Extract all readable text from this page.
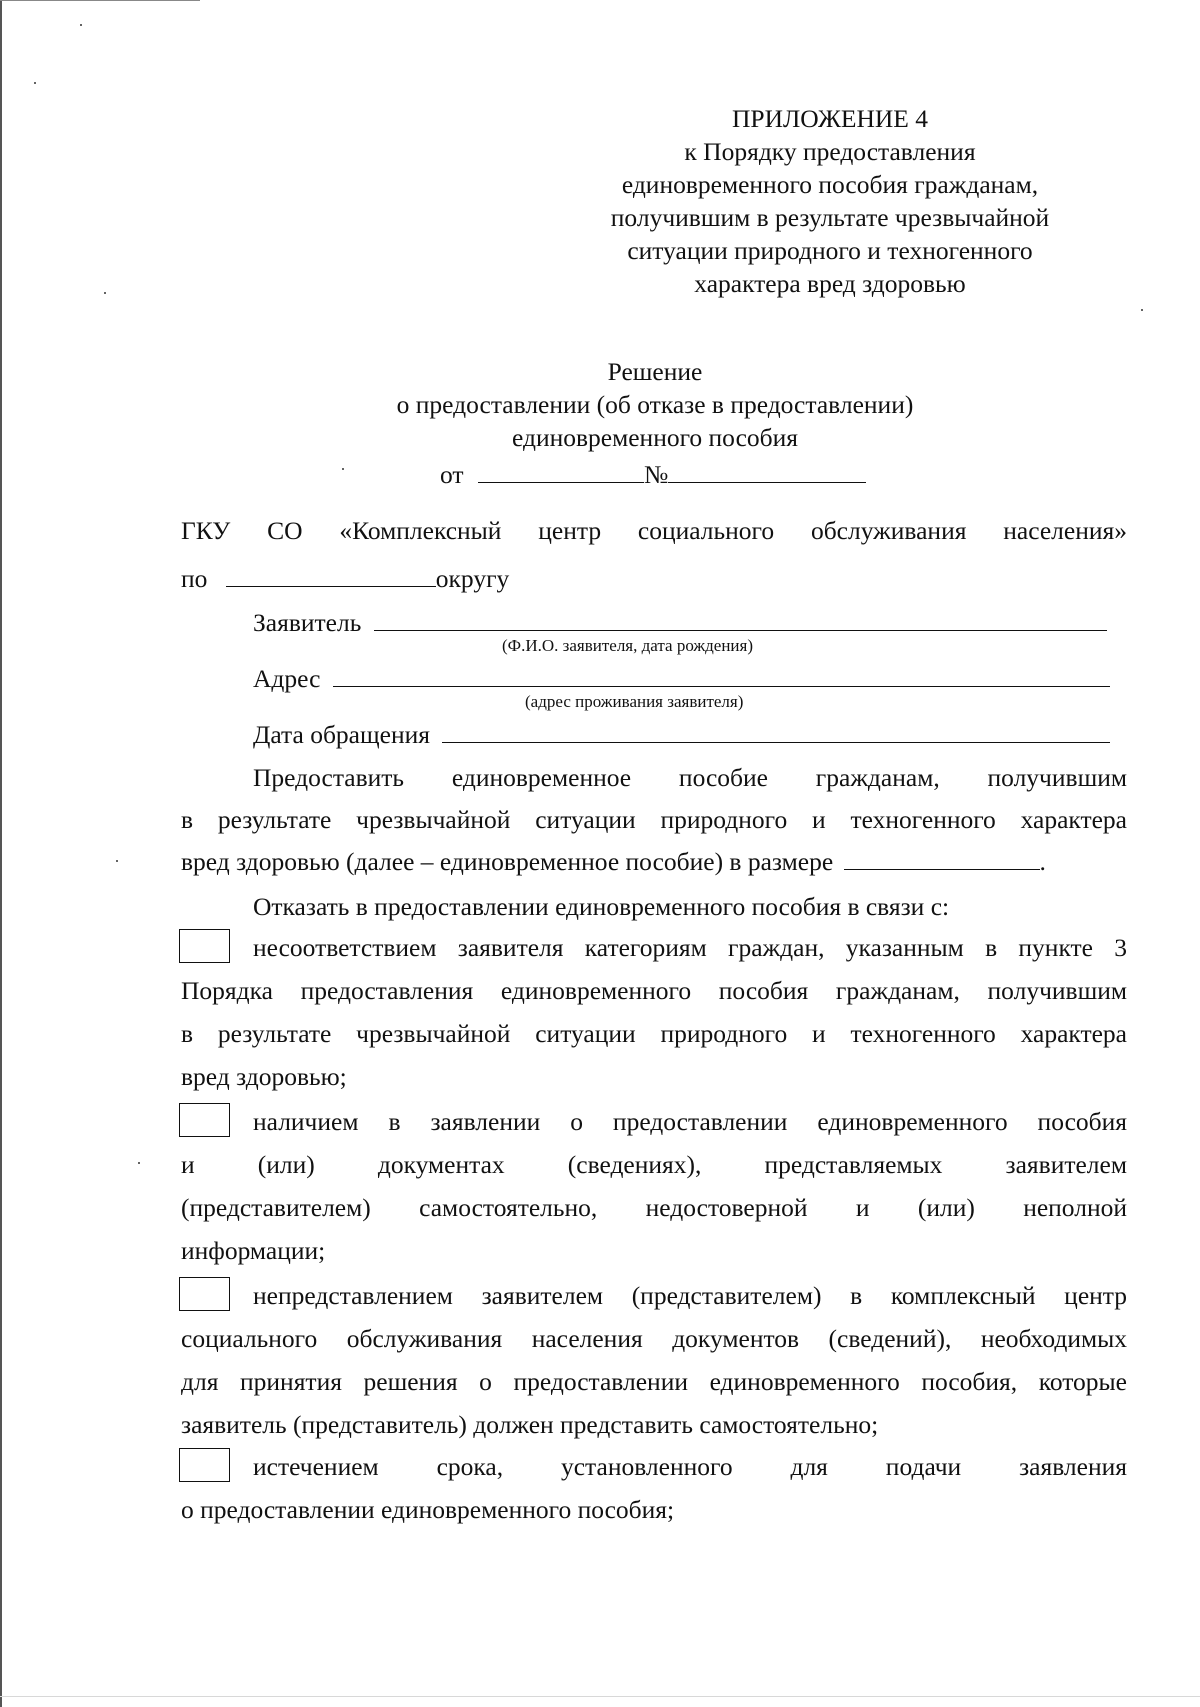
ПРИЛОЖЕНИЕ 4
к Порядку предоставления
единовременного пособия гражданам,
получившим в результате чрезвычайной
ситуации природного и техногенного
характера вред здоровью
Решение
о предоставлении (об отказе в предоставлении)
единовременного пособия
от	№
ГКУ СО «Комплексный центр социального обслуживания населения»
по	округу
Заявитель
(Ф.И.О. заявителя, дата рождения)
Адрес
(адрес проживания заявителя)
Дата обращения
Предоставить единовременное пособие гражданам, получившим
в результате чрезвычайной ситуации природного и техногенного характера
вред здоровью (далее – единовременное пособие) в размере	.
Отказать в предоставлении единовременного пособия в связи с:
несоответствием заявителя категориям граждан, указанным в пункте 3
Порядка предоставления единовременного пособия гражданам, получившим
в результате чрезвычайной ситуации природного и техногенного характера
вред здоровью;
наличием в заявлении о предоставлении единовременного пособия
и (или) документах (сведениях), представляемых заявителем
(представителем) самостоятельно, недостоверной и (или) неполной
информации;
непредставлением заявителем (представителем) в комплексный центр
социального обслуживания населения документов (сведений), необходимых
для принятия решения о предоставлении единовременного пособия, которые
заявитель (представитель) должен представить самостоятельно;
истечением срока, установленного для подачи заявления
о предоставлении единовременного пособия;
